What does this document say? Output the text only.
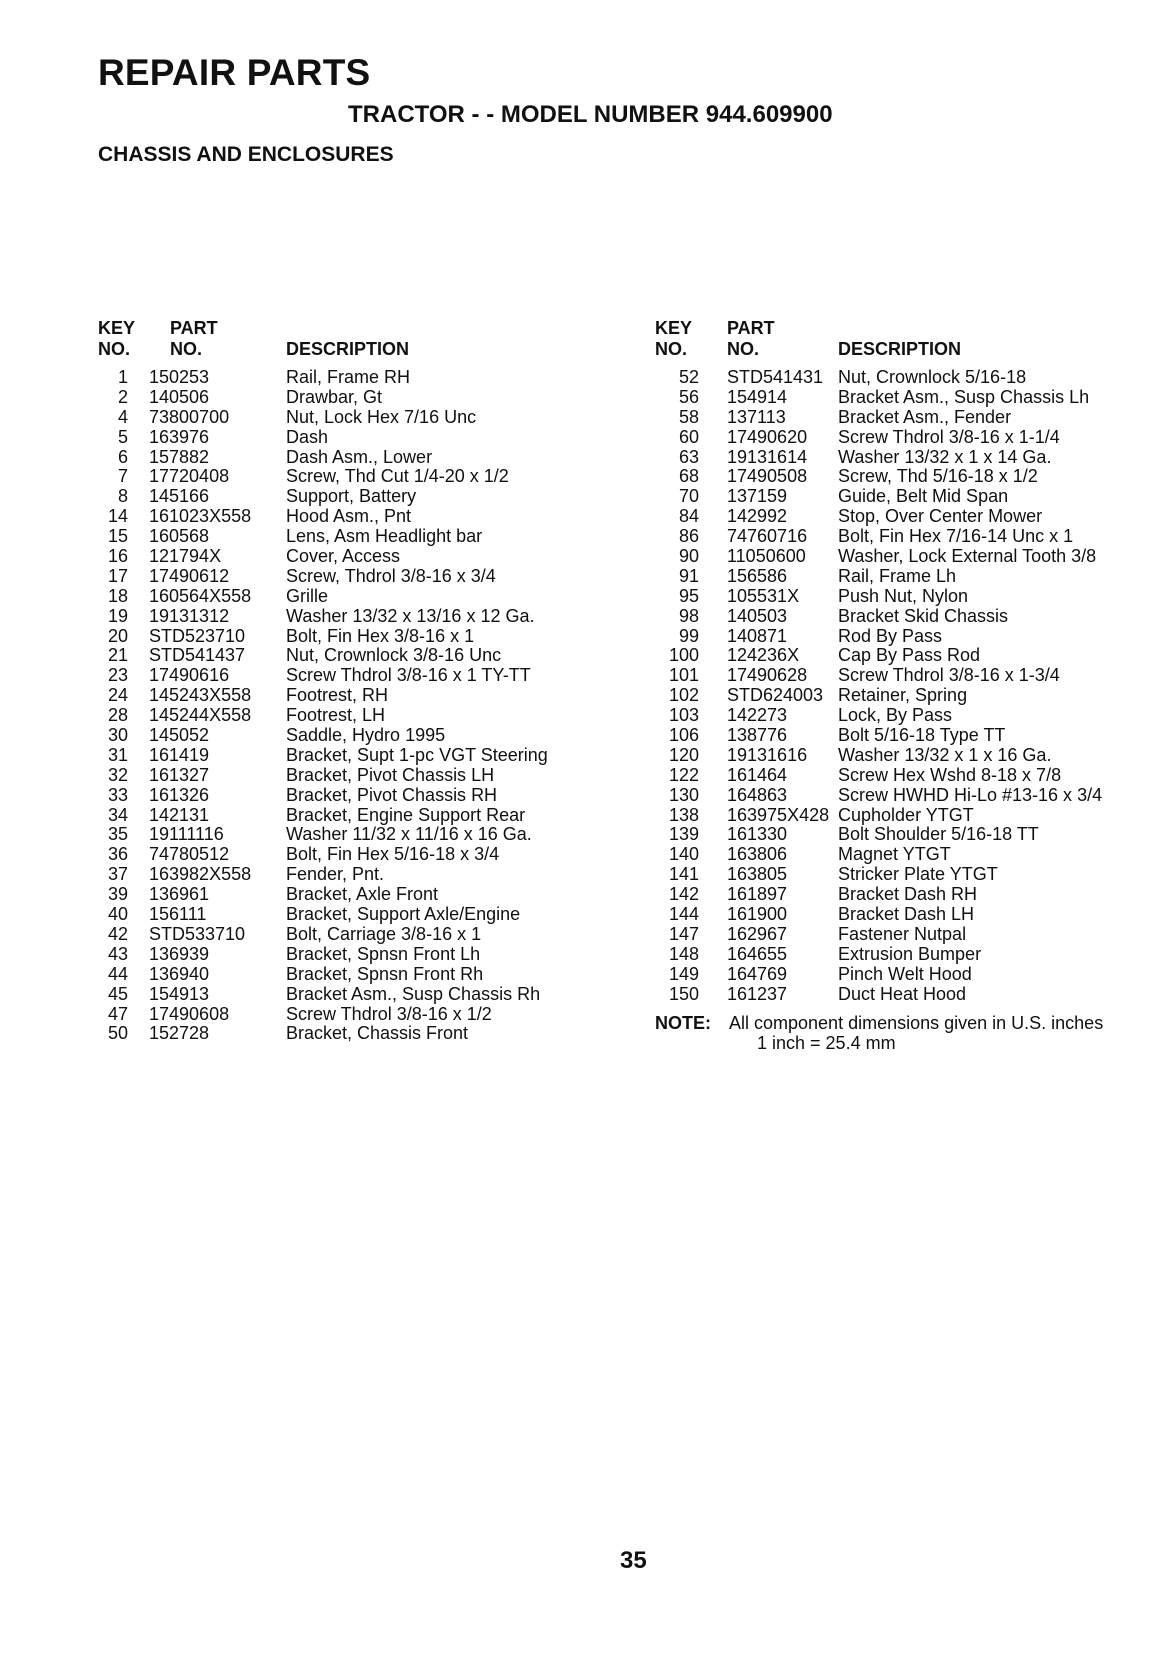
REPAIR PARTS
TRACTOR - - MODEL NUMBER 944.609900
CHASSIS AND ENCLOSURES
KEY
NO.
PART
NO.	DESCRIPTION
1 150253	Rail, Frame RH
2 140506	Drawbar, Gt
4 73800700	Nut, Lock Hex 7/16 Unc
5 163976	Dash
6 157882	Dash Asm., Lower
7 17720408	Screw, Thd Cut 1/4-20 x 1/2
8 145166	Support, Battery
14 161023X558 Hood Asm., Pnt
15 160568	Lens, Asm Headlight bar
16 121794X	Cover, Access
17 17490612	Screw, Thdrol 3/8-16 x 3/4
18 160564X558 Grille
19 19131312	Washer 13/32 x 13/16 x 12 Ga.
20 STD523710 Bolt, Fin Hex 3/8-16 x 1
21 STD541437 Nut, Crownlock 3/8-16 Unc
23 17490616	Screw Thdrol 3/8-16 x 1 TY-TT
24 145243X558 Footrest, RH
28 145244X558 Footrest, LH
30 145052	Saddle, Hydro 1995
31 161419	Bracket, Supt 1-pc VGT Steering
32 161327	Bracket, Pivot Chassis LH
33 161326	Bracket, Pivot Chassis RH
34 142131	Bracket, Engine Support Rear
35 19111116	Washer 11/32 x 11/16 x 16 Ga.
36 74780512	Bolt, Fin Hex 5/16-18 x 3/4
37 163982X558 Fender, Pnt.
39 136961	Bracket, Axle Front
40 156111	Bracket, Support Axle/Engine
42 STD533710 Bolt, Carriage 3/8-16 x 1
43 136939	Bracket, Spnsn Front Lh
44 136940	Bracket, Spnsn Front Rh
45 154913	Bracket Asm., Susp Chassis Rh
47 17490608	Screw Thdrol 3/8-16 x 1/2
50 152728	Bracket, Chassis Front
KEY
NO.
PART
NO.	DESCRIPTION
52 STD541431 Nut, Crownlock 5/16-18
56 154914	Bracket Asm., Susp Chassis Lh
58 137113	Bracket Asm., Fender
60 17490620 Screw Thdrol 3/8-16 x 1-1/4
63 19131614 Washer 13/32 x 1 x 14 Ga.
68 17490508 Screw, Thd 5/16-18 x 1/2
70 137159	Guide, Belt Mid Span
84 142992	Stop, Over Center Mower
86 74760716 Bolt, Fin Hex 7/16-14 Unc x 1
90 11050600 Washer, Lock External Tooth 3/8
91 156586	Rail, Frame Lh
95 105531X Push Nut, Nylon
98 140503	Bracket Skid Chassis
99 140871	Rod By Pass
100 124236X Cap By Pass Rod
101 17490628 Screw Thdrol 3/8-16 x 1-3/4
102 STD624003 Retainer, Spring
103 142273	Lock, By Pass
106 138776	Bolt 5/16-18 Type TT
120 19131616 Washer 13/32 x 1 x 16 Ga.
122 161464	Screw Hex Wshd 8-18 x 7/8
130 164863	Screw HWHD Hi-Lo #13-16 x 3/4
138 163975X428 Cupholder YTGT
139 161330	Bolt Shoulder 5/16-18 TT
140 163806	Magnet YTGT
141 163805	Stricker Plate YTGT
142 161897	Bracket Dash RH
144 161900	Bracket Dash LH
147 162967	Fastener Nutpal
148 164655	Extrusion Bumper
149 164769	Pinch Welt Hood
150 161237	Duct Heat Hood
NOTE: All component dimensions given in U.S. inches
1 inch = 25.4 mm

35
